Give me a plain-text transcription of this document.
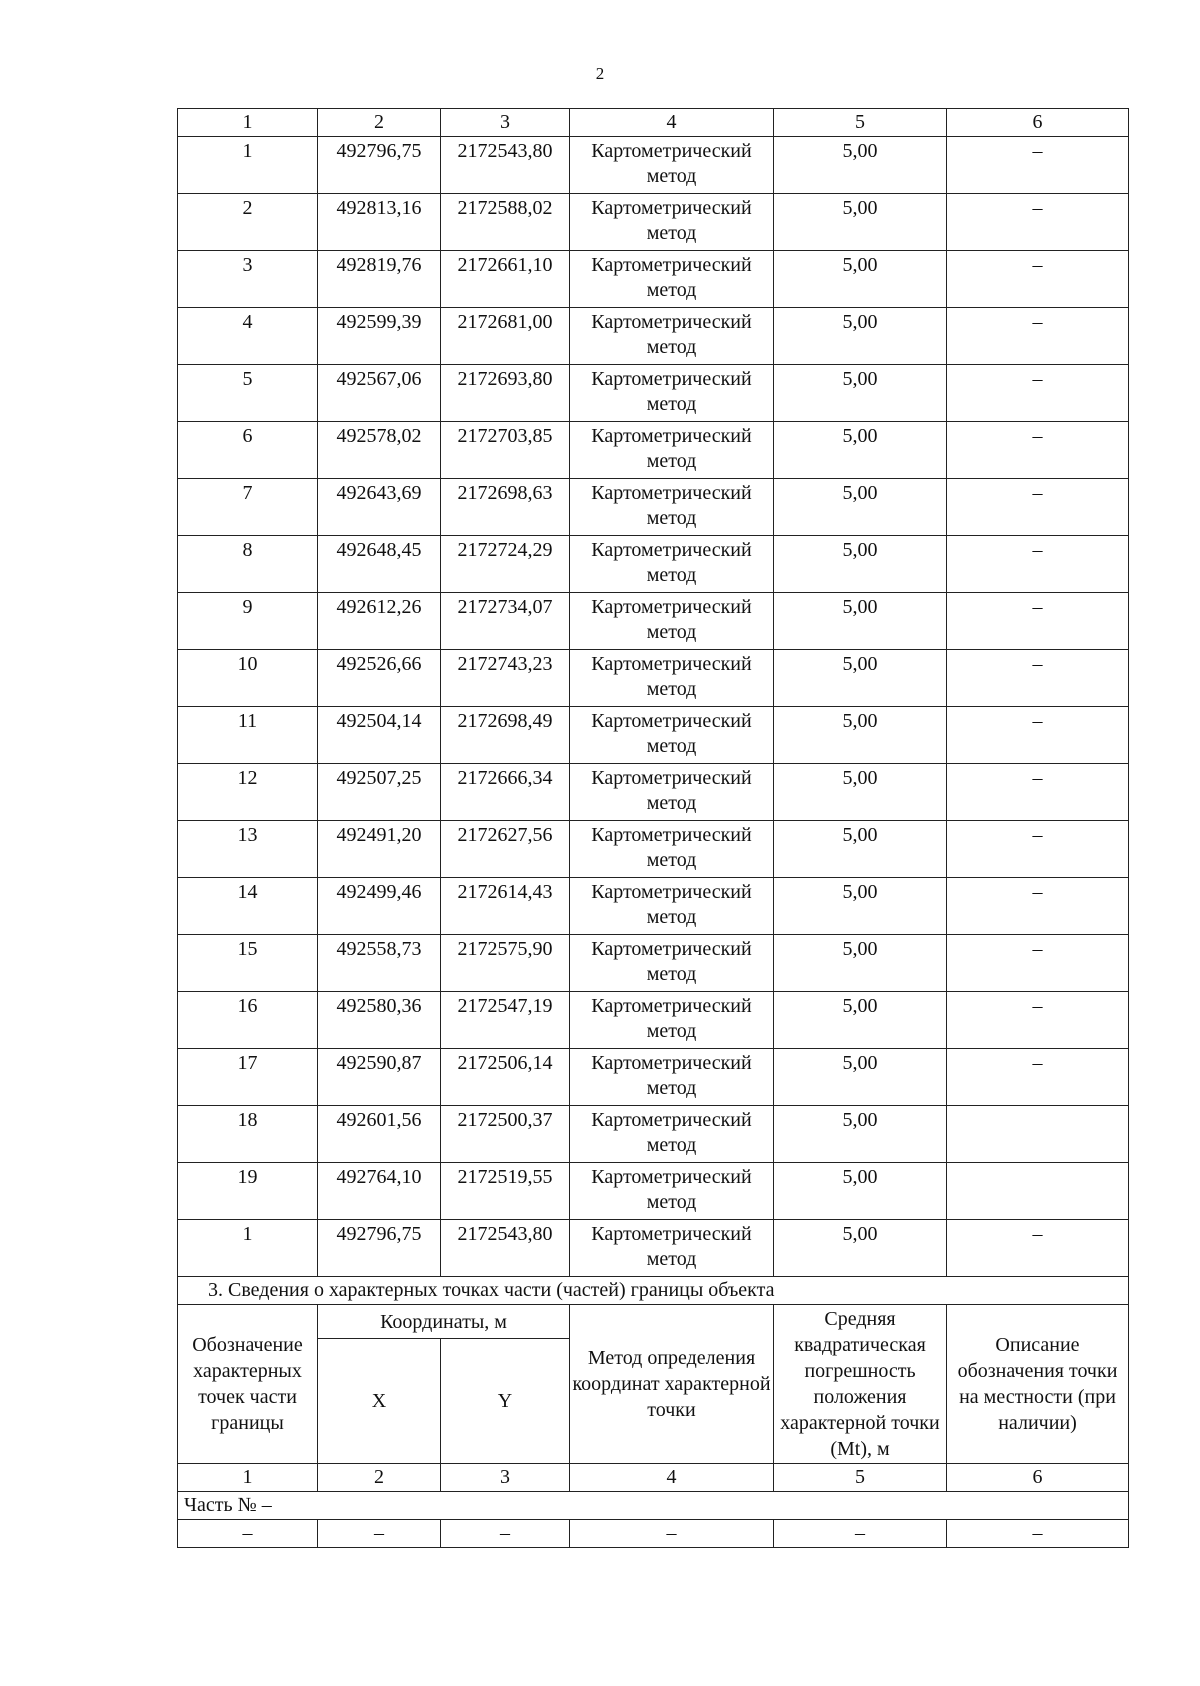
2
1	2	3	4	5	6
1	492796,75	2172543,80	Картометрический метод	5,00	–
2	492813,16	2172588,02	Картометрический метод	5,00	–
3	492819,76	2172661,10	Картометрический метод	5,00	–
4	492599,39	2172681,00	Картометрический метод	5,00	–
5	492567,06	2172693,80	Картометрический метод	5,00	–
6	492578,02	2172703,85	Картометрический метод	5,00	–
7	492643,69	2172698,63	Картометрический метод	5,00	–
8	492648,45	2172724,29	Картометрический метод	5,00	–
9	492612,26	2172734,07	Картометрический метод	5,00	–
10	492526,66	2172743,23	Картометрический метод	5,00	–
11	492504,14	2172698,49	Картометрический метод	5,00	–
12	492507,25	2172666,34	Картометрический метод	5,00	–
13	492491,20	2172627,56	Картометрический метод	5,00	–
14	492499,46	2172614,43	Картометрический метод	5,00	–
15	492558,73	2172575,90	Картометрический метод	5,00	–
16	492580,36	2172547,19	Картометрический метод	5,00	–
17	492590,87	2172506,14	Картометрический метод	5,00	–
18	492601,56	2172500,37	Картометрический метод	5,00	
19	492764,10	2172519,55	Картометрический метод	5,00	
1	492796,75	2172543,80	Картометрический метод	5,00	–
3. Сведения о характерных точках части (частей) границы объекта					
Обозначение характерных точек части границы	Координаты, м		Метод определения координат характерной точки	Средняя квадратическая погрешность положения характерной точки (Mt), м	Описание обозначения точки на местности (при наличии)
	X	Y			
1	2	3	4	5	6
Часть № –					
–	–	–	–	–	–
